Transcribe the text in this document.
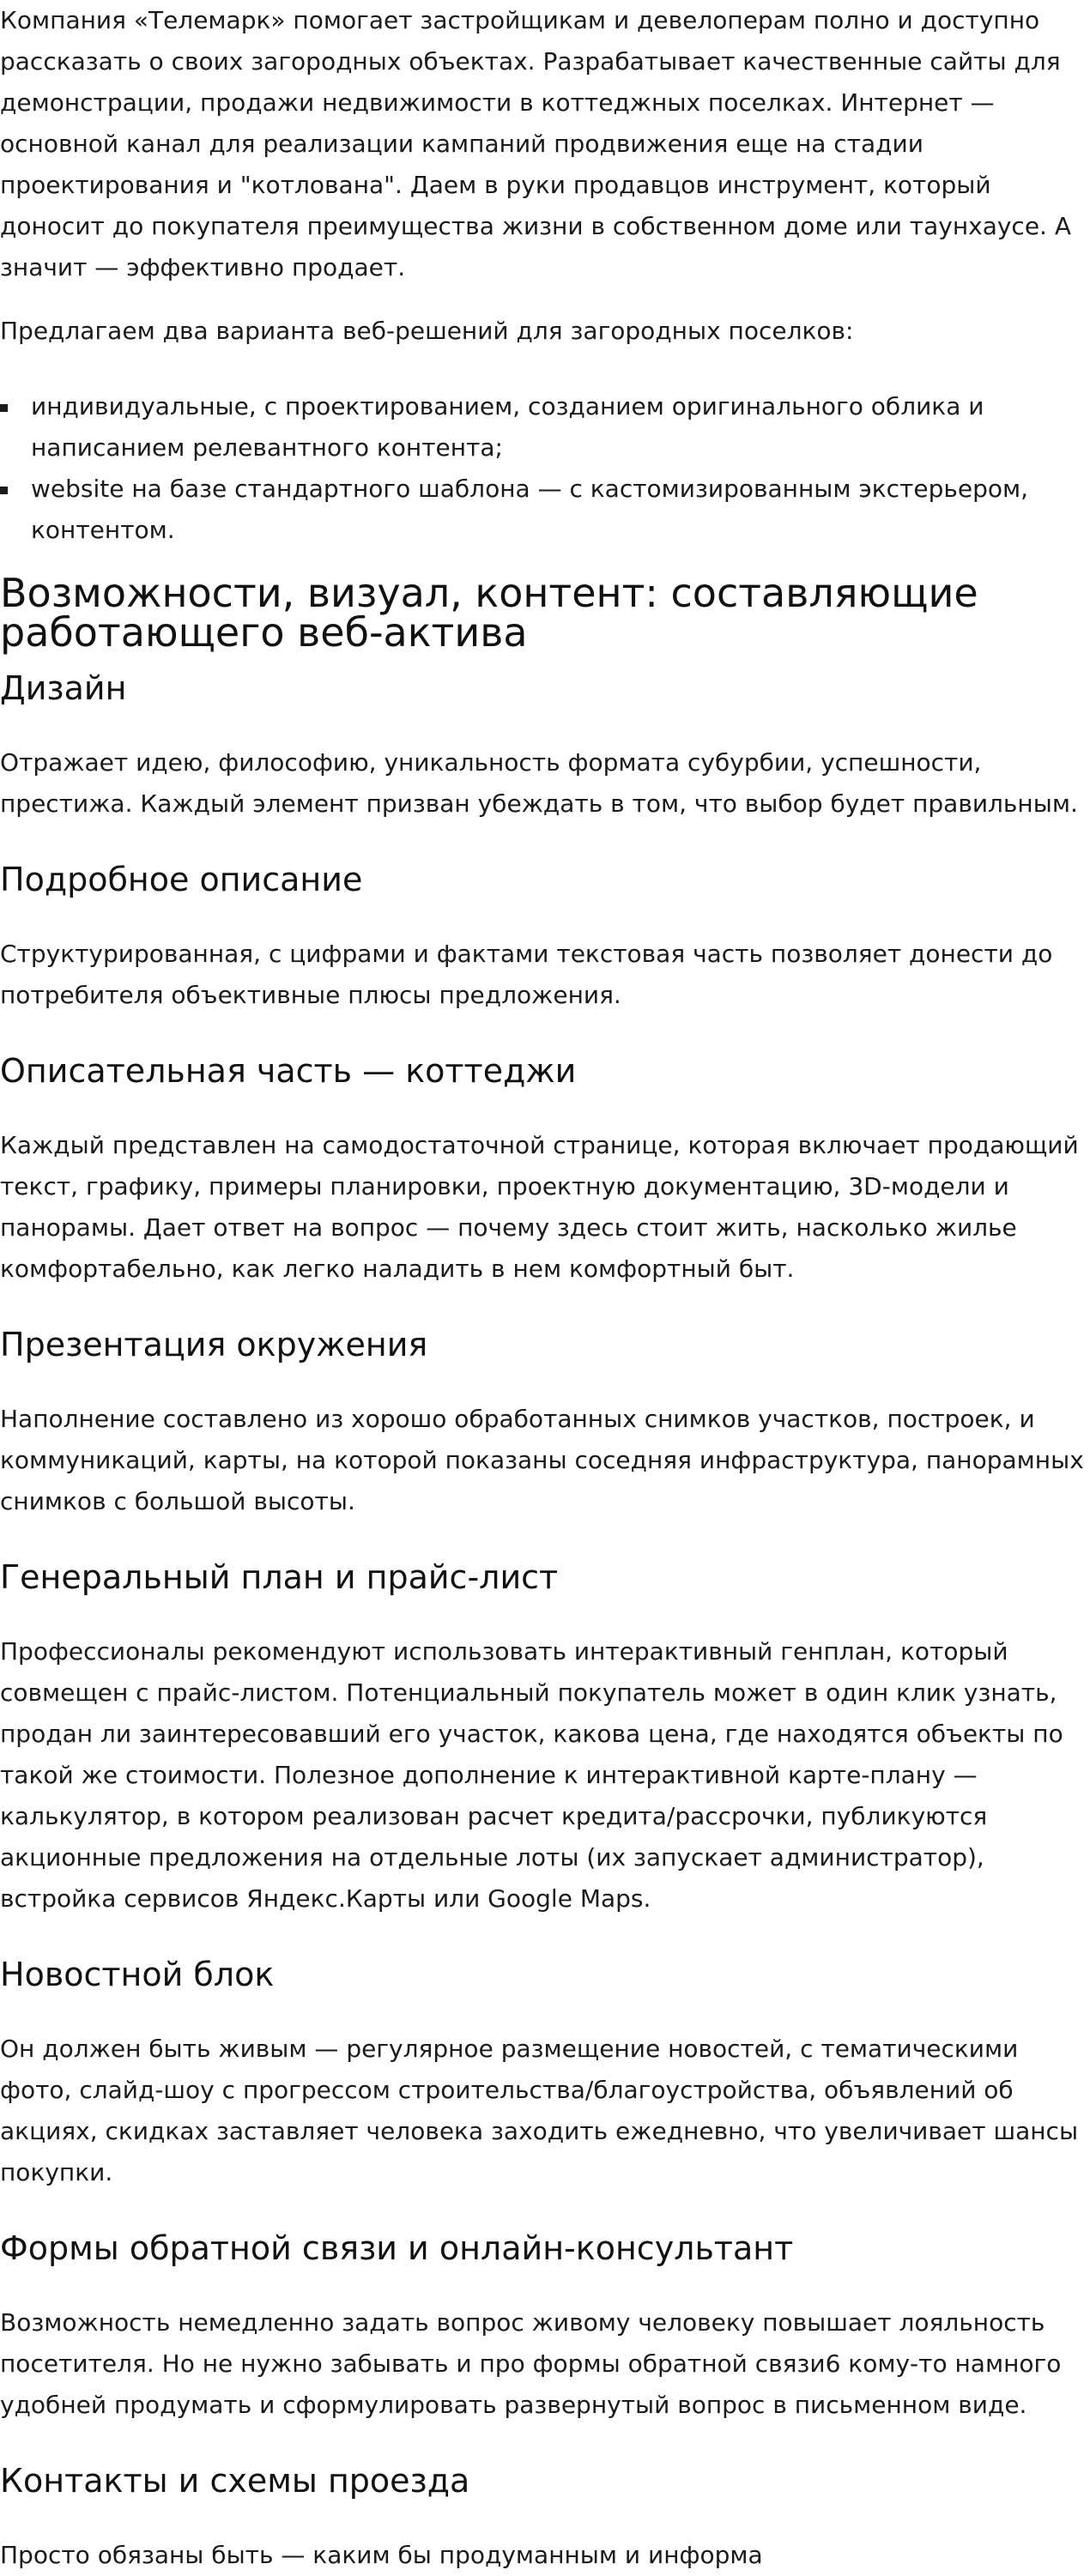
Компания «Телемарк» помогает застройщикам и девелоперам полно и доступно рассказать о своих загородных объектах. Разрабатывает качественные сайты для демонстрации, продажи недвижимости в коттеджных поселках. Интернет — основной канал для реализации кампаний продвижения еще на стадии проектирования и "котлована". Даем в руки продавцов инструмент, который доносит до покупателя преимущества жизни в собственном доме или таунхаусе. А значит — эффективно продает.

Предлагаем два варианта веб-решений для загородных поселков:

индивидуальные, с проектированием, созданием оригинального облика и написанием релевантного контента;
website на базе стандартного шаблона — с кастомизированным экстерьером, контентом.
Возможности, визуал, контент: составляющие работающего веб-актива
Дизайн

Отражает идею, философию, уникальность формата субурбии, успешности, престижа. Каждый элемент призван убеждать в том, что выбор будет правильным.

Подробное описание

Структурированная, с цифрами и фактами текстовая часть позволяет донести до потребителя объективные плюсы предложения.

Описательная часть — коттеджи

Каждый представлен на самодостаточной странице, которая включает продающий текст, графику, примеры планировки, проектную документацию, 3D-модели и панорамы. Дает ответ на вопрос — почему здесь стоит жить, насколько жилье комфортабельно, как легко наладить в нем комфортный быт.

Презентация окружения

Наполнение составлено из хорошо обработанных снимков участков, построек, и коммуникаций, карты, на которой показаны соседняя инфраструктура, панорамных снимков с большой высоты.

Генеральный план и прайс-лист

Профессионалы рекомендуют использовать интерактивный генплан, который совмещен с прайс-листом. Потенциальный покупатель может в один клик узнать, продан ли заинтересовавший его участок, какова цена, где находятся объекты по такой же стоимости. Полезное дополнение к интерактивной карте-плану — калькулятор, в котором реализован расчет кредита/рассрочки, публикуются акционные предложения на отдельные лоты (их запускает администратор), встройка сервисов Яндекс.Карты или Google Maps.

Новостной блок

Он должен быть живым — регулярное размещение новостей, с тематическими фото, слайд-шоу с прогрессом строительства/благоустройства, объявлений об акциях, скидках заставляет человека заходить ежедневно, что увеличивает шансы покупки.

Формы обратной связи и онлайн-консультант

Возможность немедленно задать вопрос живому человеку повышает лояльность посетителя. Но не нужно забывать и про формы обратной связи6 кому-то намного удобней продумать и сформулировать развернутый вопрос в письменном виде.

Контакты и схемы проезда

Просто обязаны быть — каким бы продуманным и информа
